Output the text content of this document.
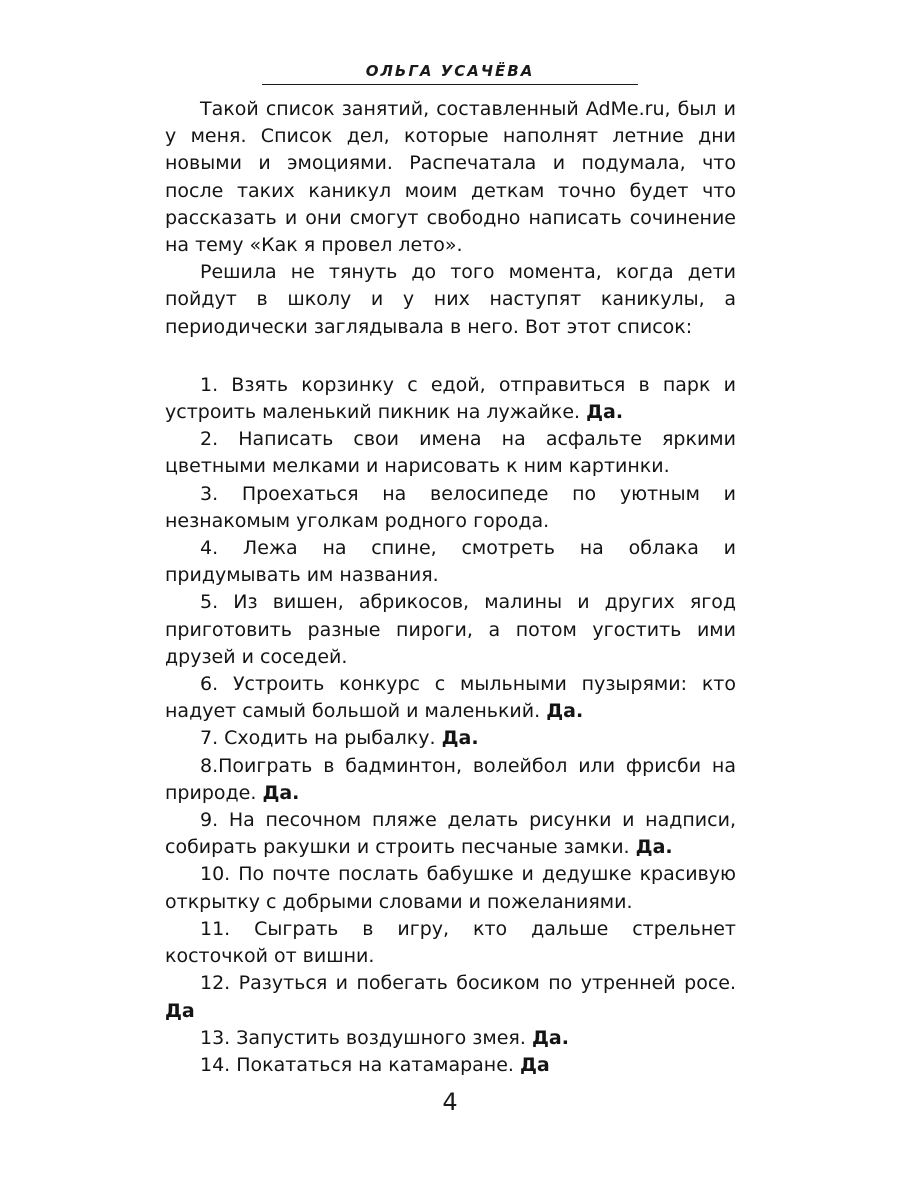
ОЛЬГА УСАЧЁВА

Такой список занятий, составленный AdMe.ru, был и у меня. Список дел, которые наполнят летние дни новыми и эмоциями. Распечатала и подумала, что после таких каникул моим деткам точно будет что рассказать и они смогут свободно написать сочинение на тему «Как я провел лето».

Решила не тянуть до того момента, когда дети пойдут в школу и у них наступят каникулы, а периодически заглядывала в него. Вот этот список:

1. Взять корзинку с едой, отправиться в парк и устроить маленький пикник на лужайке. Да.
2. Написать свои имена на асфальте яркими цветными мелками и нарисовать к ним картинки.
3. Проехаться на велосипеде по уютным и незнакомым уголкам родного города.
4. Лежа на спине, смотреть на облака и придумывать им названия.
5. Из вишен, абрикосов, малины и других ягод приготовить разные пироги, а потом угостить ими друзей и соседей.
6. Устроить конкурс с мыльными пузырями: кто надует самый большой и маленький. Да.
7. Сходить на рыбалку. Да.
8.Поиграть в бадминтон, волейбол или фрисби на природе. Да.
9. На песочном пляже делать рисунки и надписи, собирать ракушки и строить песчаные замки. Да.
10. По почте послать бабушке и дедушке красивую открытку с добрыми словами и пожеланиями.
11. Сыграть в игру, кто дальше стрельнет косточкой от вишни.
12. Разуться и побегать босиком по утренней росе. Да
13. Запустить воздушного змея. Да.
14. Покататься на катамаране. Да
4
